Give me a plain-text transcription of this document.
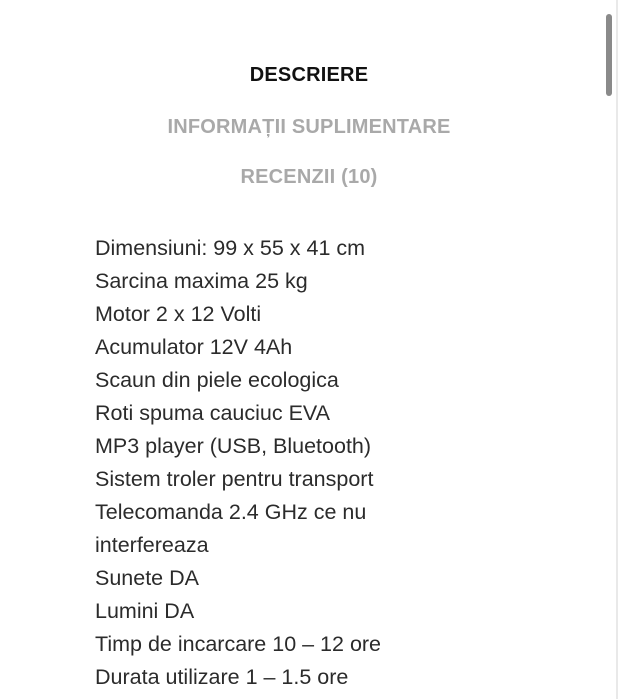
DESCRIERE
INFORMAȚII SUPLIMENTARE
RECENZII (10)
Dimensiuni: 99 x 55 x 41 cm
Sarcina maxima 25 kg
Motor 2 x 12 Volti
Acumulator 12V 4Ah
Scaun din piele ecologica
Roti spuma cauciuc EVA
MP3 player (USB, Bluetooth)
Sistem troler pentru transport
Telecomanda 2.4 GHz ce nu
interfereaza
Sunete DA
Lumini DA
Timp de incarcare 10 – 12 ore
Durata utilizare 1 – 1.5 ore
